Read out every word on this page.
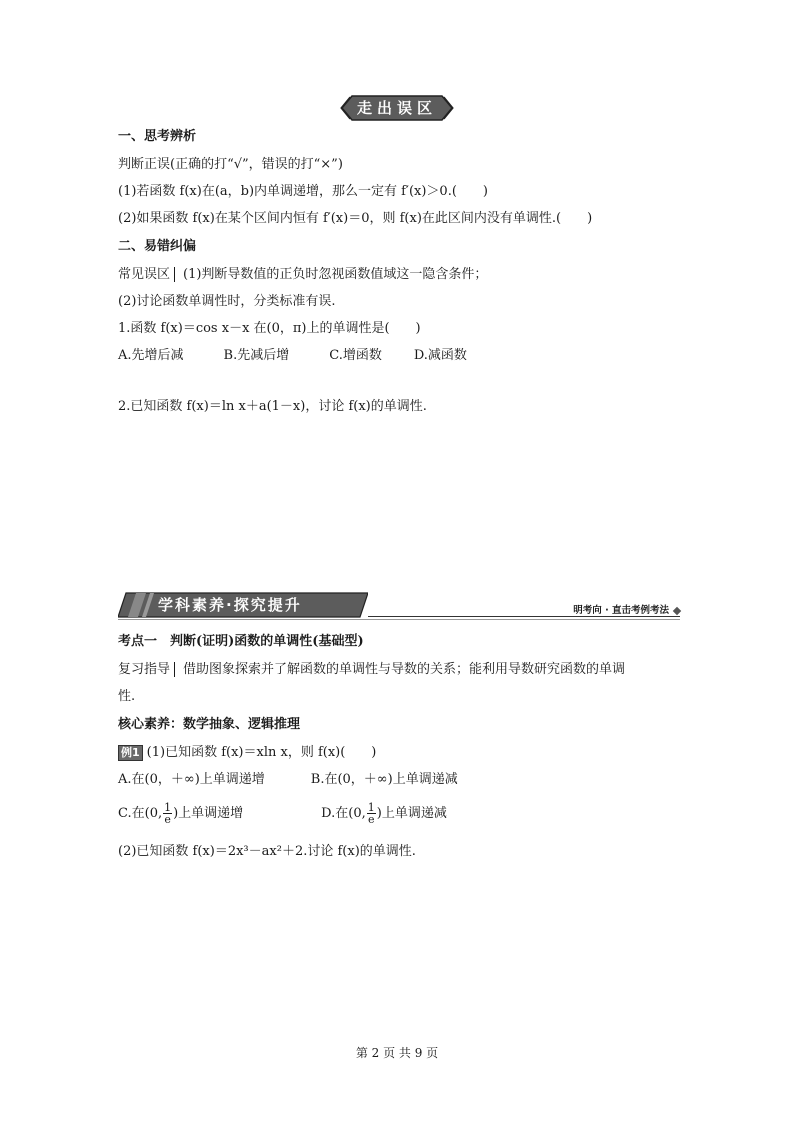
走出误区
一、思考辨析
判断正误(正确的打“√”，错误的打“×”)
(1)若函数 f(x)在(a，b)内单调递增，那么一定有 f′(x)＞0.(　　)
(2)如果函数 f(x)在某个区间内恒有 f′(x)＝0，则 f(x)在此区间内没有单调性.(　　)
二、易错纠偏
常见误区 (1)判断导数值的正负时忽视函数值域这一隐含条件；
(2)讨论函数单调性时，分类标准有误.
1.函数 f(x)＝cos x－x 在(0，π)上的单调性是(　　)
A.先增后减	B.先减后增	C.增函数 D.减函数
2.已知函数 f(x)＝ln x＋a(1－x)，讨论 f(x)的单调性.
学科素养·探究提升	明考向 · 直击考例考法
考点一　判断(证明)函数的单调性(基础型)
复习指导 借助图象探索并了解函数的单调性与导数的关系；能利用导数研究函数的单调
性.
核心素养：数学抽象、逻辑推理
例1 (1)已知函数 f(x)＝xln x，则 f(x)(　　)
A.在(0，＋∞)上单调递增	B.在(0，＋∞)上单调递减
C.在(0, $\frac{1}{e}$ )上单调递增	D.在(0, $\frac{1}{e}$ )上单调递减
(2)已知函数 f(x)＝2x³－ax²＋2.讨论 f(x)的单调性.
第 2 页 共 9 页
